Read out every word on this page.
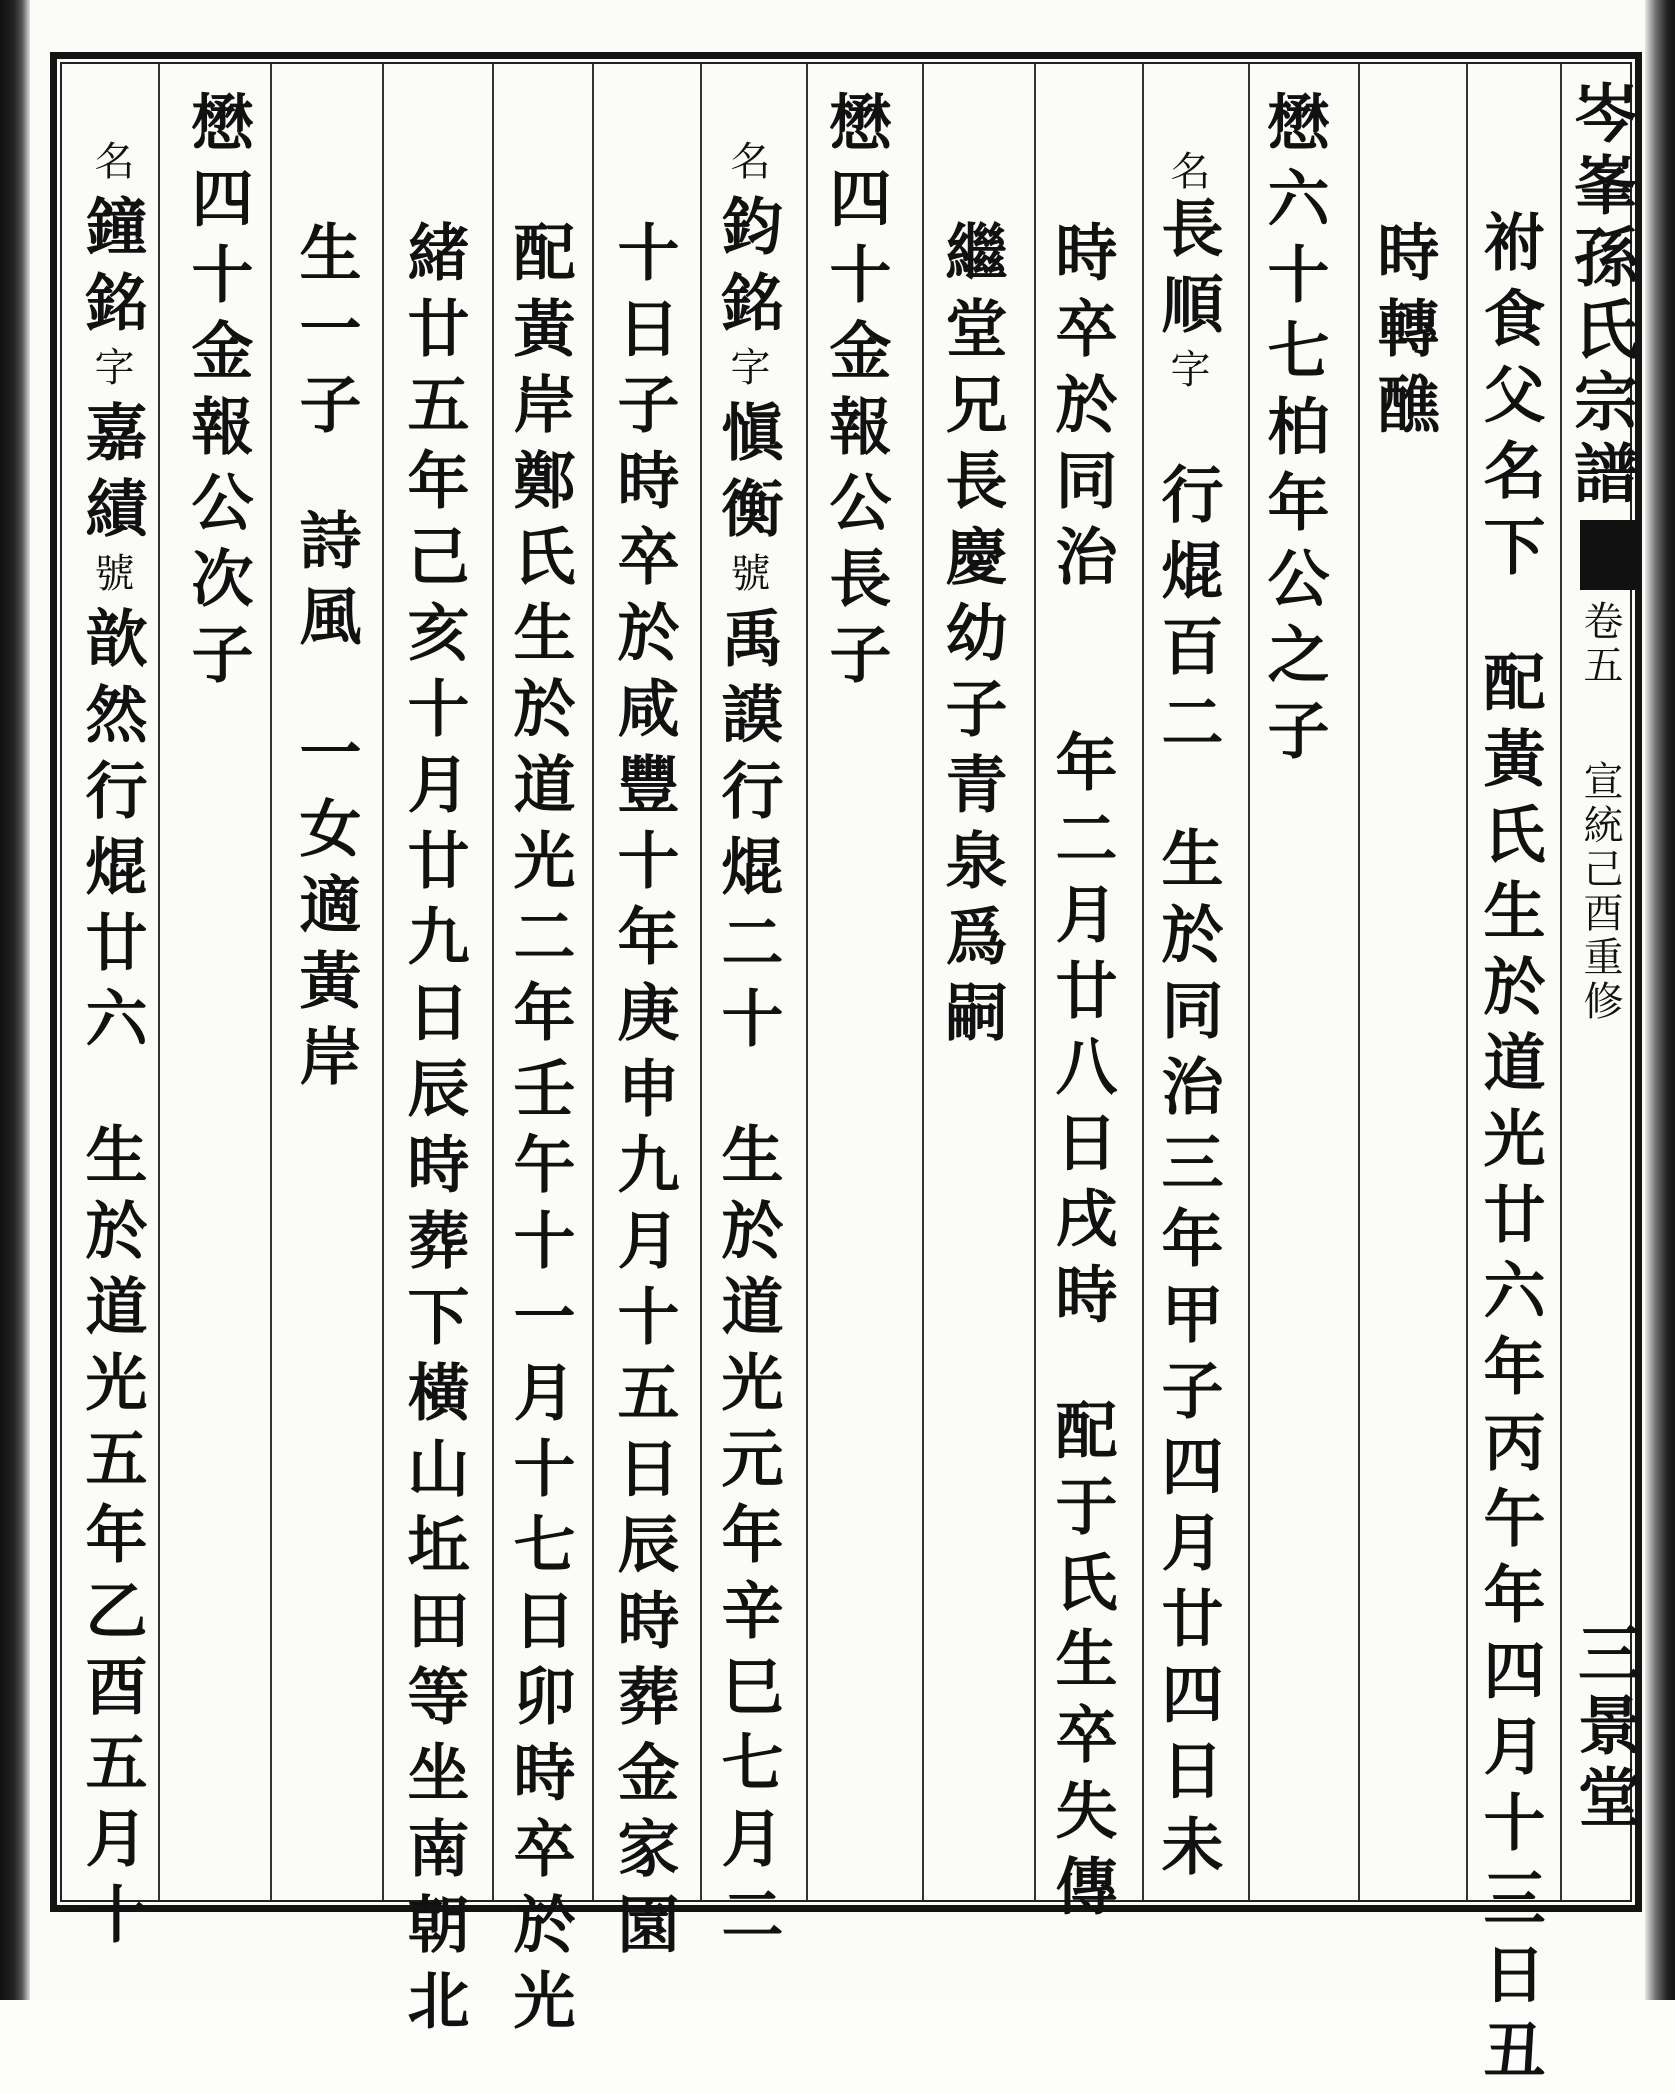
岑峯孫氏宗譜
卷五
宣統己酉重修
三景堂
祔食父名下配黃氏生於道光廿六年丙午年四月十三日丑
時轉醮
懋六十七柏年公之子
名長順字行焜百二生於同治三年甲子四月廿四日未
時卒於同治年二月廿八日戌時配于氏生卒失傳
繼堂兄長慶幼子青泉爲嗣
懋四十金報公長子
名鈞銘字愼衡號禹謨行焜二十生於道光元年辛巳七月二
十日子時卒於咸豐十年庚申九月十五日辰時葬金家園
配黃岸鄭氏生於道光二年壬午十一月十七日卯時卒於光
緒廿五年己亥十月廿九日辰時葬下橫山坵田等坐南朝北
生一子詩風一女適黃岸
懋四十金報公次子
名鐘銘字嘉績號歆然行焜廿六生於道光五年乙酉五月十
